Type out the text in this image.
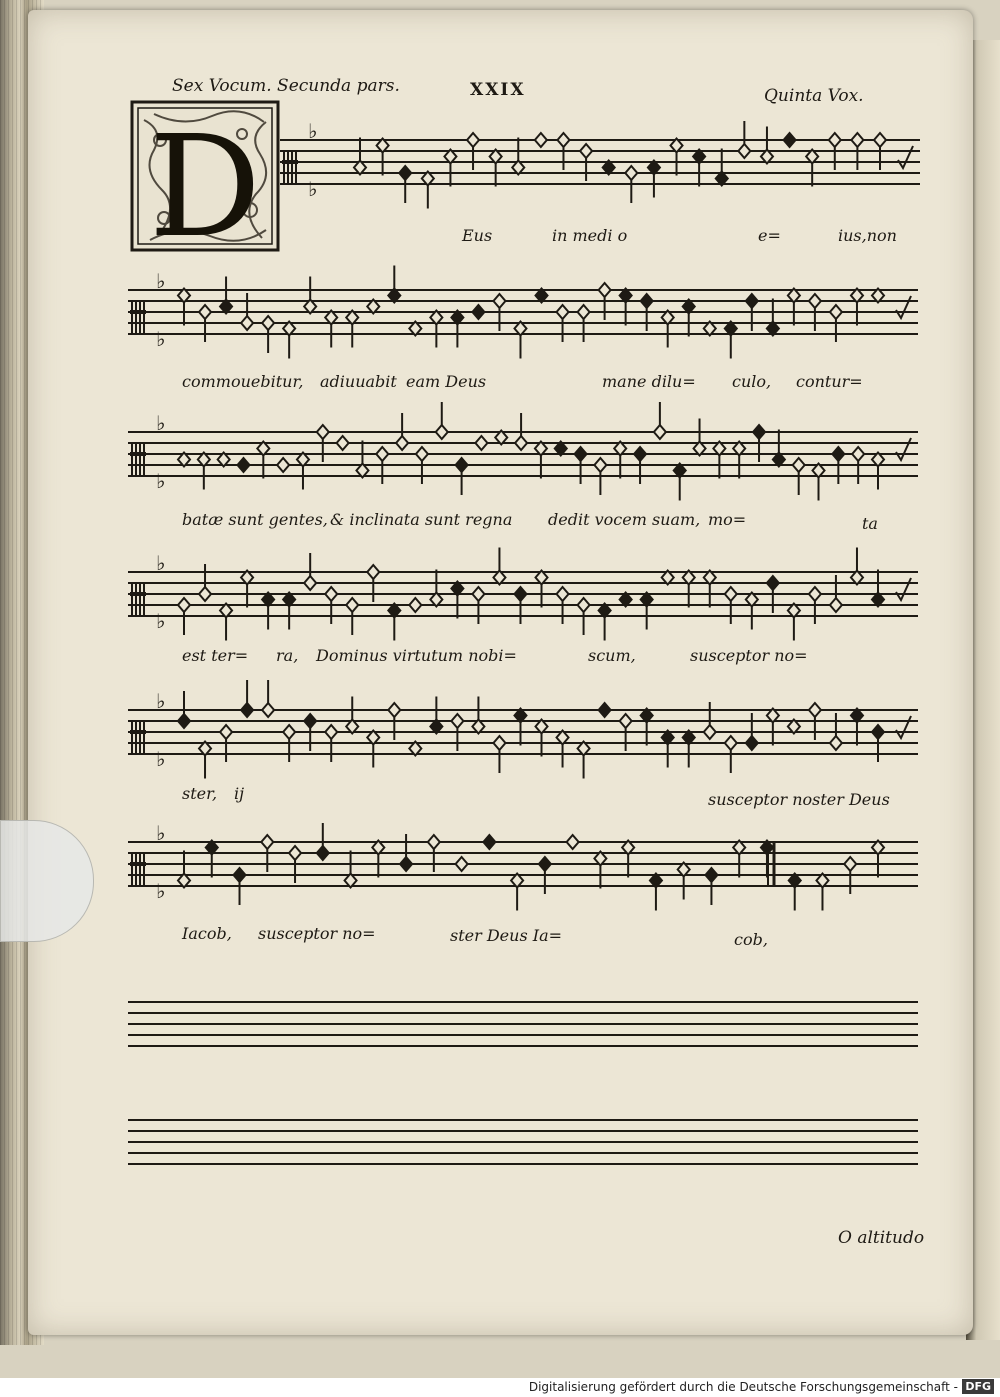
Sex Vocum. Secunda pars.	XXIX	Quinta Vox.
D ♭
♭
Eus	in medi o	e=	ius,non
♭
♭
commouebitur, adiuuabit eam Deus	mane dilu= culo, contur=
♭
♭
batæ sunt gentes, & inclinata sunt regna dedit vocem suam, mo=	ta
♭
♭
est ter= ra, Dominus virtutum nobi=	scum,	susceptor no=
♭
♭
ster, ij	susceptor noster Deus
♭
♭
Iacob, susceptor no=	ster Deus Ia=	cob,
O altitudo
Digitalisierung gefördert durch die Deutsche Forschungsgemeinschaft - DFG
